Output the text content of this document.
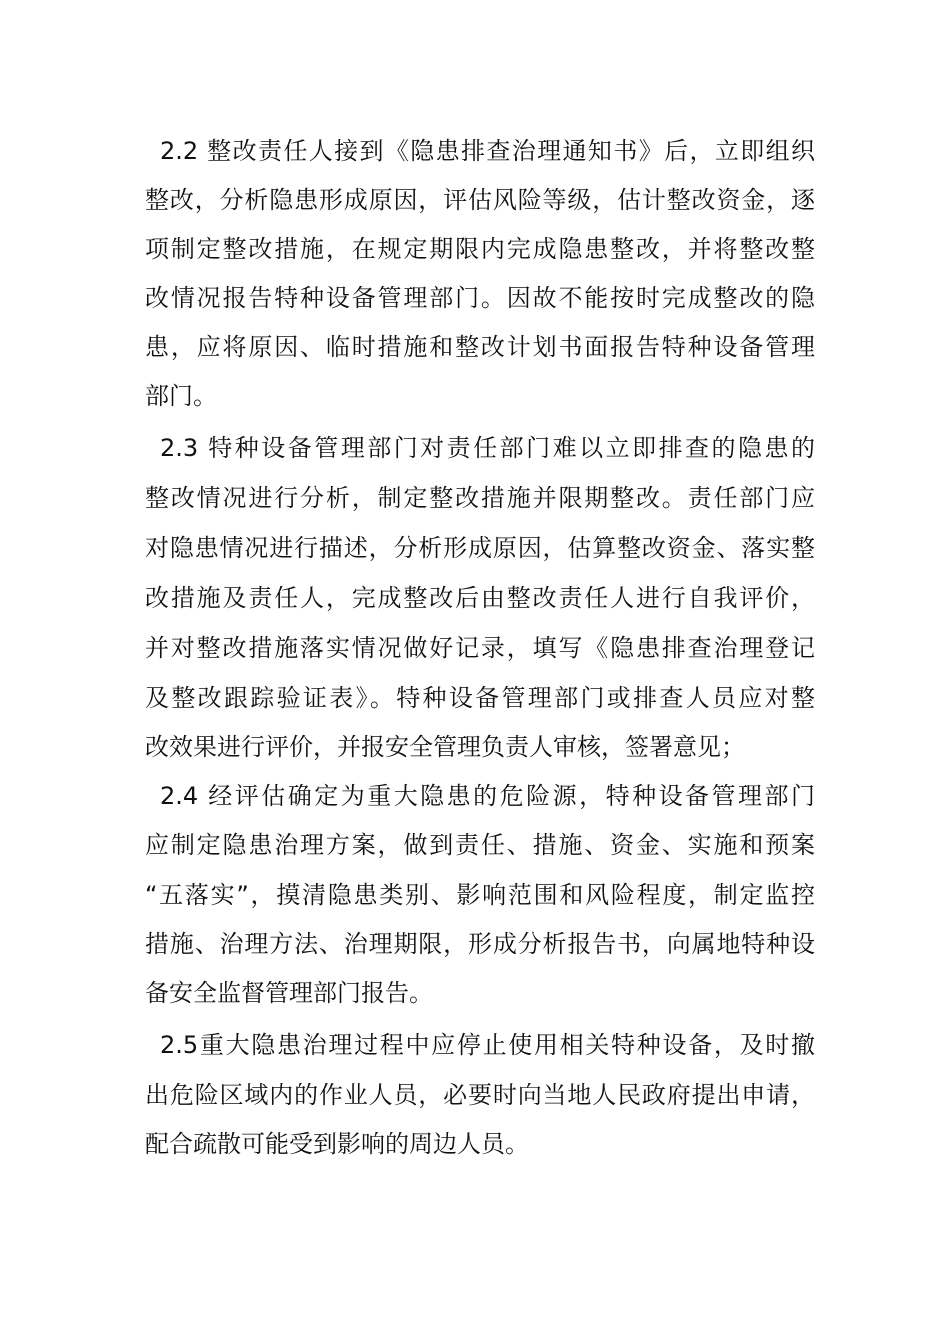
2.2 整改责任人接到《隐患排查治理通知书》后，立即组织
整改，分析隐患形成原因，评估风险等级，估计整改资金，逐
项制定整改措施，在规定期限内完成隐患整改，并将整改整
改情况报告特种设备管理部门。因故不能按时完成整改的隐
患，应将原因、临时措施和整改计划书面报告特种设备管理
部门。
2.3 特种设备管理部门对责任部门难以立即排查的隐患的
整改情况进行分析，制定整改措施并限期整改。责任部门应
对隐患情况进行描述，分析形成原因，估算整改资金、落实整
改措施及责任人，完成整改后由整改责任人进行自我评价，
并对整改措施落实情况做好记录，填写《隐患排查治理登记
及整改跟踪验证表》。特种设备管理部门或排查人员应对整
改效果进行评价，并报安全管理负责人审核，签署意见；
2.4 经评估确定为重大隐患的危险源，特种设备管理部门
应制定隐患治理方案，做到责任、措施、资金、实施和预案
“五落实”，摸清隐患类别、影响范围和风险程度，制定监控
措施、治理方法、治理期限，形成分析报告书，向属地特种设
备安全监督管理部门报告。
2.5重大隐患治理过程中应停止使用相关特种设备，及时撤
出危险区域内的作业人员，必要时向当地人民政府提出申请，
配合疏散可能受到影响的周边人员。
